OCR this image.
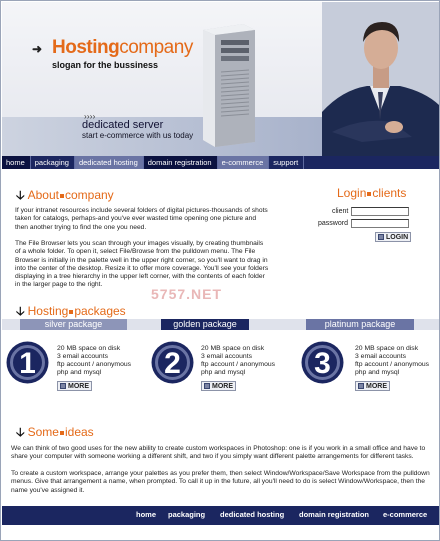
➜ Hostingcompany
slogan for the bussiness
› › › ›
dedicated server
start e-commerce with us today
home	packaging	dedicated hosting	domain registration	e-commerce	support
🡣 About company
If your intranet resources include several folders of digital pictures-thousands of shots taken for catalogs, perhaps-and you've ever wasted time opening one picture and then another trying to find the one you need.
The File Browser lets you scan through your images visually, by creating thumbnails of a whole folder. To open it, select File/Browse from the pulldown menu. The File Browser is initially in the palette well in the upper right corner, so you'll want to drag in into the center of the desktop. Resize it to offer more coverage. You'll see your folders displaying in a tree hierarchy in the upper left corner, with the contents of each folder in the larger page to the right.
Login clients
client
password
LOGIN
5757.NET
🡣 Hosting packages
silver package	golden package	platinum package
1	20 MB space on disk
3 email accounts
ftp account / anonymous
php and mysql
MORE
2	20 MB space on disk
3 email accounts
ftp account / anonymous
php and mysql
MORE
3	20 MB space on disk
3 email accounts
ftp account / anonymous
php and mysql
MORE
🡣 Some ideas
We can think of two good uses for the new ability to create custom workspaces in Photoshop: one is if you work in a small office and have to share your computer with someone working a different shift, and two if you simply want different palette arrangements for different tasks.
To create a custom workspace, arrange your palettes as you prefer them, then select Window/Workspace/Save Workspace from the pulldown menus. Give that arrangement a name, when prompted. To call it up in the future, all you'll need to do is select Window/Workspace, then the name you've assigned it.
home packaging dedicated hosting domain registration e-commerce
